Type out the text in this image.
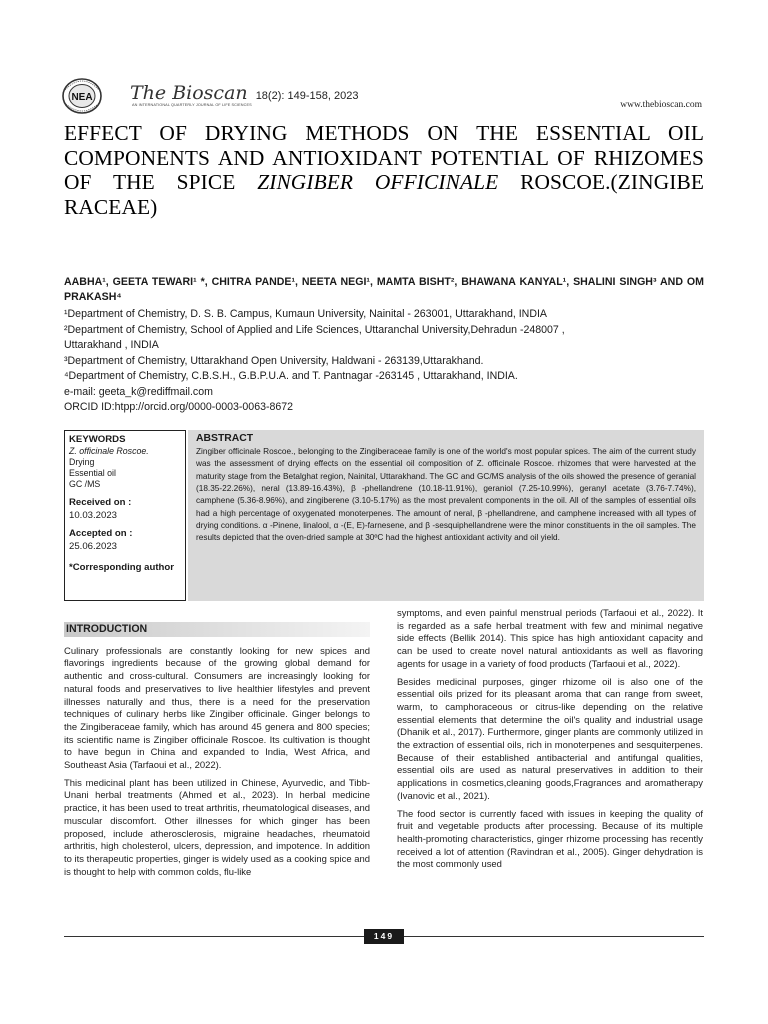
NEA The Bioscan 18(2): 149-158, 2023
AN INTERNATIONAL QUARTERLY JOURNAL OF LIFE SCIENCES	www.thebioscan.com
EFFECT OF DRYING METHODS ON THE ESSENTIAL OIL COMPONENTS AND ANTIOXIDANT POTENTIAL OF RHIZOMES OF THE SPICE ZINGIBER OFFICINALE ROSCOE.(ZINGIBE RACEAE)

AABHA¹, GEETA TEWARI¹ *, CHITRA PANDE¹, NEETA NEGI¹, MAMTA BISHT², BHAWANA KANYAL¹, SHALINI SINGH³ AND OM PRAKASH⁴

¹Department of Chemistry, D. S. B. Campus, Kumaun University, Nainital - 263001, Uttarakhand, INDIA
²Department of Chemistry, School of Applied and Life Sciences, Uttaranchal University,Dehradun -248007 ,
Uttarakhand , INDIA
³Department of Chemistry, Uttarakhand Open University, Haldwani - 263139,Uttarakhand.
⁴Department of Chemistry, C.B.S.H., G.B.P.U.A. and T. Pantnagar -263145 , Uttarakhand, INDIA.
e-mail: geeta_k@rediffmail.com
ORCID ID:htpp://orcid.org/0000-0003-0063-8672
KEYWORDS
Z. officinale Roscoe.
Drying
Essential oil
GC /MS
Received on :
10.03.2023
Accepted on :
25.06.2023
*Corresponding author
ABSTRACT
Zingiber officinale Roscoe., belonging to the Zingiberaceae family is one of the world's most popular spices. The aim of the current study was the assessment of drying effects on the essential oil composition of Z. officinale Roscoe. rhizomes that were harvested at the maturity stage from the Betalghat region, Nainital, Uttarakhand. The GC and GC/MS analysis of the oils showed the presence of geranial (18.35-22.26%), neral (13.89-16.43%), β -phellandrene (10.18-11.91%), geraniol (7.25-10.99%), geranyl acetate (3.76-7.74%), camphene (5.36-8.96%), and zingiberene (3.10-5.17%) as the most prevalent components in the oil. All of the samples of essential oils had a high percentage of oxygenated monoterpenes. The amount of neral, β -phellandrene, and camphene increased with all types of drying conditions. α -Pinene, linalool, α -(E, E)-farnesene, and β -sesquiphellandrene were the minor constituents in the oil samples. The results depicted that the oven-dried sample at 30ºC had the highest antioxidant activity and oil yield.
INTRODUCTION

Culinary professionals are constantly looking for new spices and flavorings ingredients because of the growing global demand for authentic and cross-cultural. Consumers are increasingly looking for natural foods and preservatives to live healthier lifestyles and prevent illnesses naturally and thus, there is a need for the preservation techniques of culinary herbs like Zingiber officinale. Ginger belongs to the Zingiberaceae family, which has around 45 genera and 800 species; its scientific name is Zingiber officinale Roscoe. Its cultivation is thought to have begun in China and expanded to India, West Africa, and Southeast Asia (Tarfaoui et al., 2022).

This medicinal plant has been utilized in Chinese, Ayurvedic, and Tibb-Unani herbal treatments (Ahmed et al., 2023). In herbal medicine practice, it has been used to treat arthritis, rheumatological diseases, and muscular discomfort. Other illnesses for which ginger has been proposed, include atherosclerosis, migraine headaches, rheumatoid arthritis, high cholesterol, ulcers, depression, and impotence. In addition to its therapeutic properties, ginger is widely used as a cooking spice and is thought to help with common colds, flu-like

symptoms, and even painful menstrual periods (Tarfaoui et al., 2022). It is regarded as a safe herbal treatment with few and minimal negative side effects (Bellik 2014). This spice has high antioxidant capacity and can be used to create novel natural antioxidants as well as flavoring agents for usage in a variety of food products (Tarfaoui et al., 2022).

Besides medicinal purposes, ginger rhizome oil is also one of the essential oils prized for its pleasant aroma that can range from sweet, warm, to camphoraceous or citrus-like depending on the relative essential elements that determine the oil's quality and industrial usage (Dhanik et al., 2017). Furthermore, ginger plants are commonly utilized in the extraction of essential oils, rich in monoterpenes and sesquiterpenes. Because of their established antibacterial and antifungal qualities, essential oils are used as natural preservatives in addition to their applications in cosmetics,cleaning goods,Fragrances and aromatherapy (Ivanovic et al., 2021).

The food sector is currently faced with issues in keeping the quality of fruit and vegetable products after processing. Because of its multiple health-promoting characteristics, ginger rhizome processing has recently received a lot of attention (Ravindran et al., 2005). Ginger dehydration is the most commonly used

149
